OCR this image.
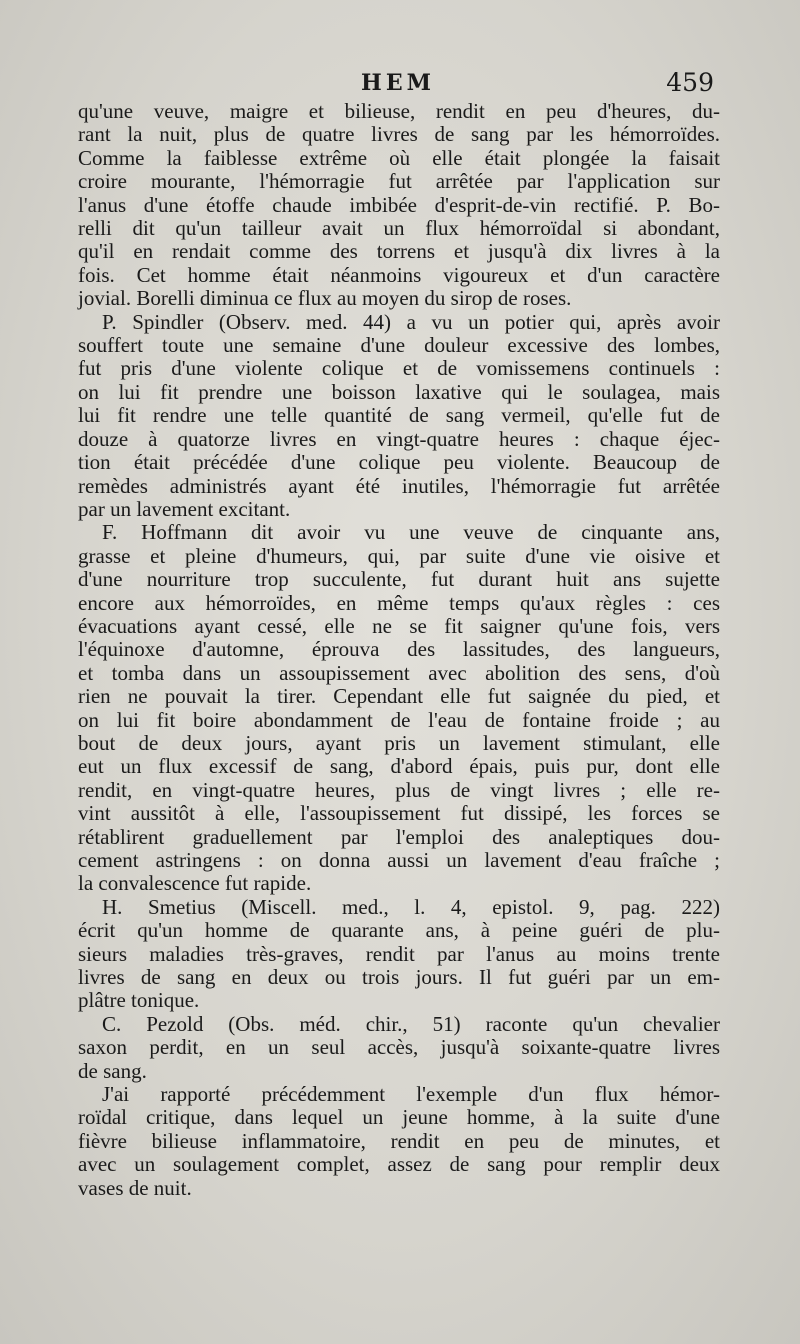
HEM	459
qu'une veuve, maigre et bilieuse, rendit en peu d'heures, du-
rant la nuit, plus de quatre livres de sang par les hémorroïdes.
Comme la faiblesse extrême où elle était plongée la faisait
croire mourante, l'hémorragie fut arrêtée par l'application sur
l'anus d'une étoffe chaude imbibée d'esprit-de-vin rectifié. P. Bo-
relli dit qu'un tailleur avait un flux hémorroïdal si abondant,
qu'il en rendait comme des torrens et jusqu'à dix livres à la
fois. Cet homme était néanmoins vigoureux et d'un caractère
jovial. Borelli diminua ce flux au moyen du sirop de roses.
P. Spindler (Observ. med. 44) a vu un potier qui, après avoir
souffert toute une semaine d'une douleur excessive des lombes,
fut pris d'une violente colique et de vomissemens continuels :
on lui fit prendre une boisson laxative qui le soulagea, mais
lui fit rendre une telle quantité de sang vermeil, qu'elle fut de
douze à quatorze livres en vingt-quatre heures : chaque éjec-
tion était précédée d'une colique peu violente. Beaucoup de
remèdes administrés ayant été inutiles, l'hémorragie fut arrêtée
par un lavement excitant.
F. Hoffmann dit avoir vu une veuve de cinquante ans,
grasse et pleine d'humeurs, qui, par suite d'une vie oisive et
d'une nourriture trop succulente, fut durant huit ans sujette
encore aux hémorroïdes, en même temps qu'aux règles : ces
évacuations ayant cessé, elle ne se fit saigner qu'une fois, vers
l'équinoxe d'automne, éprouva des lassitudes, des langueurs,
et tomba dans un assoupissement avec abolition des sens, d'où
rien ne pouvait la tirer. Cependant elle fut saignée du pied, et
on lui fit boire abondamment de l'eau de fontaine froide ; au
bout de deux jours, ayant pris un lavement stimulant, elle
eut un flux excessif de sang, d'abord épais, puis pur, dont elle
rendit, en vingt-quatre heures, plus de vingt livres ; elle re-
vint aussitôt à elle, l'assoupissement fut dissipé, les forces se
rétablirent graduellement par l'emploi des analeptiques dou-
cement astringens : on donna aussi un lavement d'eau fraîche ;
la convalescence fut rapide.
H. Smetius (Miscell. med., l. 4, epistol. 9, pag. 222)
écrit qu'un homme de quarante ans, à peine guéri de plu-
sieurs maladies très-graves, rendit par l'anus au moins trente
livres de sang en deux ou trois jours. Il fut guéri par un em-
plâtre tonique.
C. Pezold (Obs. méd. chir., 51) raconte qu'un chevalier
saxon perdit, en un seul accès, jusqu'à soixante-quatre livres
de sang.
J'ai rapporté précédemment l'exemple d'un flux hémor-
roïdal critique, dans lequel un jeune homme, à la suite d'une
fièvre bilieuse inflammatoire, rendit en peu de minutes, et
avec un soulagement complet, assez de sang pour remplir deux
vases de nuit.
